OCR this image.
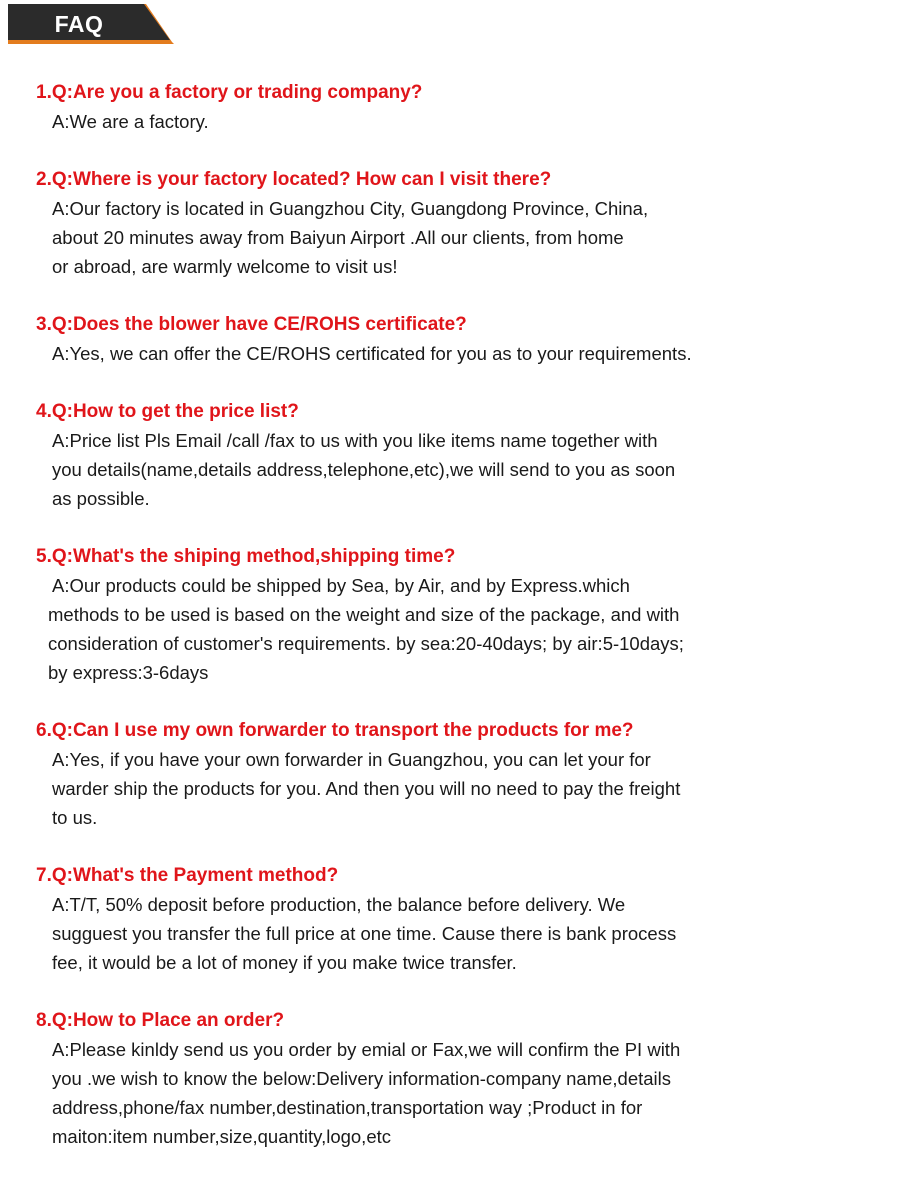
FAQ
1.Q:Are you a factory or trading company?
A:We are a factory.
2.Q:Where is your factory located? How can I visit there?
A:Our factory is located in Guangzhou City, Guangdong Province, China,
about 20 minutes away from Baiyun Airport .All our clients, from home
or abroad, are warmly welcome to visit us!
3.Q:Does the blower have CE/ROHS certificate?
A:Yes, we can offer the CE/ROHS certificated for you as to your requirements.
4.Q:How to get the price list?
A:Price list Pls Email /call /fax to us with you like items name together with
you details(name,details address,telephone,etc),we will send to you as soon
as possible.
5.Q:What's the shiping method,shipping time?
A:Our products could be shipped by Sea, by Air, and by Express.which
methods to be used is based on the weight and size of the package, and with
consideration of customer's requirements. by sea:20-40days; by air:5-10days;
by express:3-6days
6.Q:Can I use my own forwarder to transport the products for me?
A:Yes, if you have your own forwarder in Guangzhou, you can let your for
warder ship the products for you. And then you will no need to pay the freight
to us.
7.Q:What's the Payment method?
A:T/T, 50% deposit before production, the balance before delivery. We
sugguest you transfer the full price at one time. Cause there is bank process
fee, it would be a lot of money if you make twice transfer.
8.Q:How to Place an order?
A:Please kinldy send us you order by emial or Fax,we will confirm the PI with
you .we wish to know the below:Delivery information-company name,details
address,phone/fax number,destination,transportation way ;Product in for
maiton:item number,size,quantity,logo,etc
